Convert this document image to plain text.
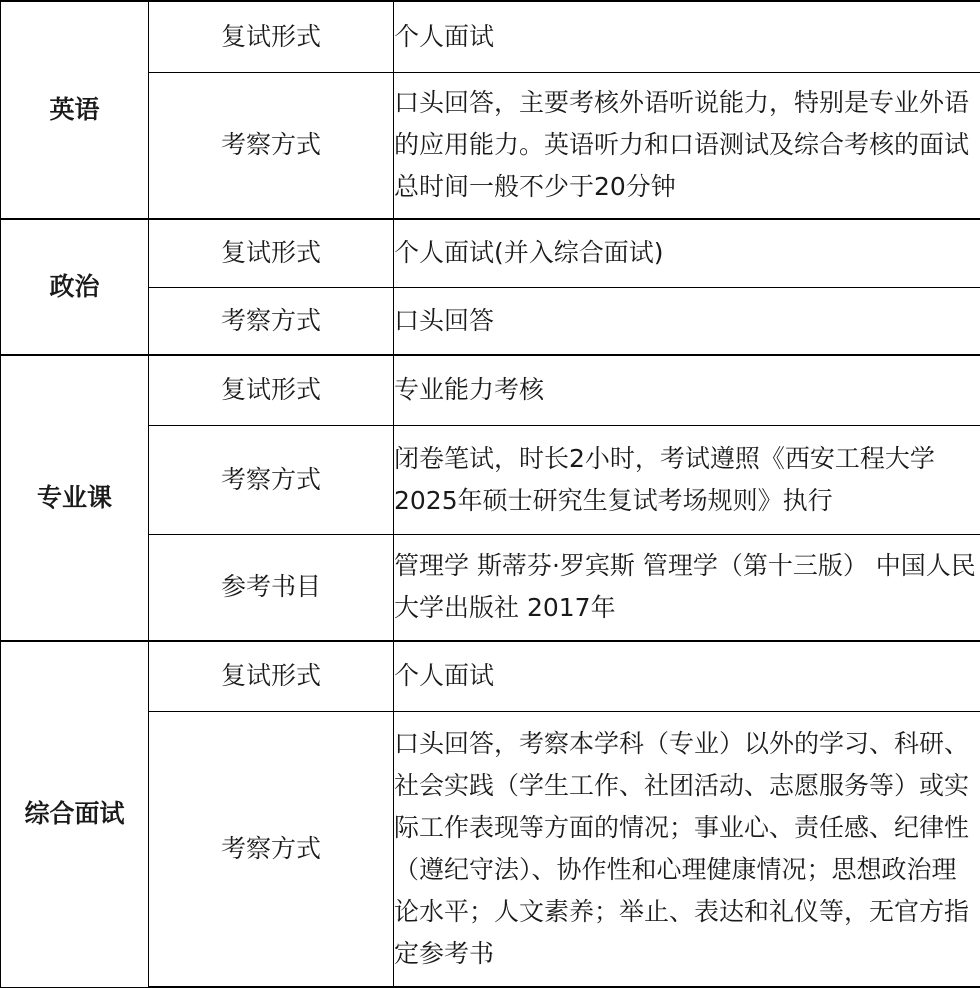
英语	复试形式	个人面试
	考察方式	口头回答，主要考核外语听说能力，特别是专业外语的应用能力。英语听力和口语测试及综合考核的面试总时间一般不少于20分钟
政治	复试形式	个人面试(并入综合面试)
	考察方式	口头回答
专业课	复试形式	专业能力考核
	考察方式	闭卷笔试，时长2小时，考试遵照《西安工程大学2025年硕士研究生复试考场规则》执行
	参考书目	管理学 斯蒂芬·罗宾斯 管理学（第十三版） 中国人民大学出版社 2017年
综合面试	复试形式	个人面试
	考察方式	口头回答，考察本学科（专业）以外的学习、科研、社会实践（学生工作、社团活动、志愿服务等）或实际工作表现等方面的情况；事业心、责任感、纪律性（遵纪守法）、协作性和心理健康情况；思想政治理论水平；人文素养；举止、表达和礼仪等，无官方指定参考书
